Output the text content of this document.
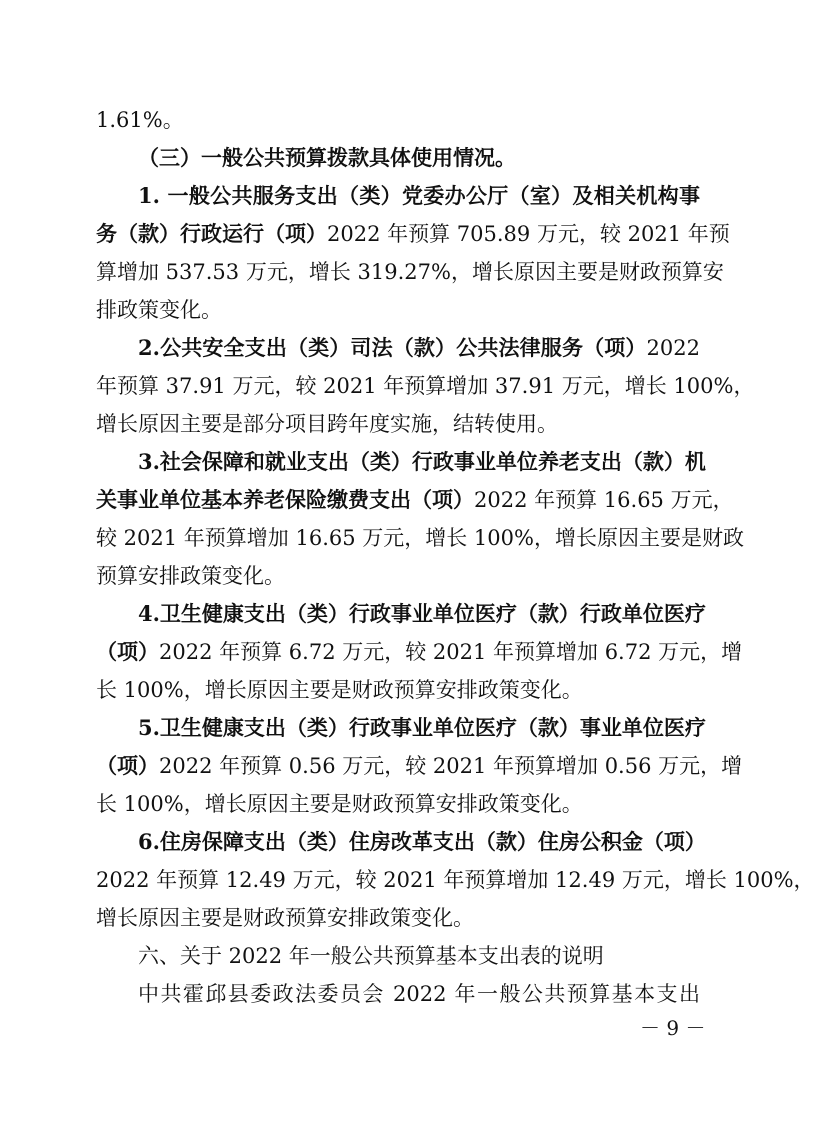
1.61%。
（三）一般公共预算拨款具体使用情况。
1. 一般公共服务支出（类）党委办公厅（室）及相关机构事
务（款）行政运行（项）2022 年预算 705.89 万元，较 2021 年预
算增加 537.53 万元，增长 319.27%，增长原因主要是财政预算安
排政策变化。
2.公共安全支出（类）司法（款）公共法律服务（项）2022
年预算 37.91 万元，较 2021 年预算增加 37.91 万元，增长 100%，
增长原因主要是部分项目跨年度实施，结转使用。
3.社会保障和就业支出（类）行政事业单位养老支出（款）机
关事业单位基本养老保险缴费支出（项）2022 年预算 16.65 万元，
较 2021 年预算增加 16.65 万元，增长 100%，增长原因主要是财政
预算安排政策变化。
4.卫生健康支出（类）行政事业单位医疗（款）行政单位医疗
（项）2022 年预算 6.72 万元，较 2021 年预算增加 6.72 万元，增
长 100%，增长原因主要是财政预算安排政策变化。
5.卫生健康支出（类）行政事业单位医疗（款）事业单位医疗
（项）2022 年预算 0.56 万元，较 2021 年预算增加 0.56 万元，增
长 100%，增长原因主要是财政预算安排政策变化。
6.住房保障支出（类）住房改革支出（款）住房公积金（项）
2022 年预算 12.49 万元，较 2021 年预算增加 12.49 万元，增长 100%，
增长原因主要是财政预算安排政策变化。
六、关于 2022 年一般公共预算基本支出表的说明
中共霍邱县委政法委员会 2022 年一般公共预算基本支出
－ 9 －
